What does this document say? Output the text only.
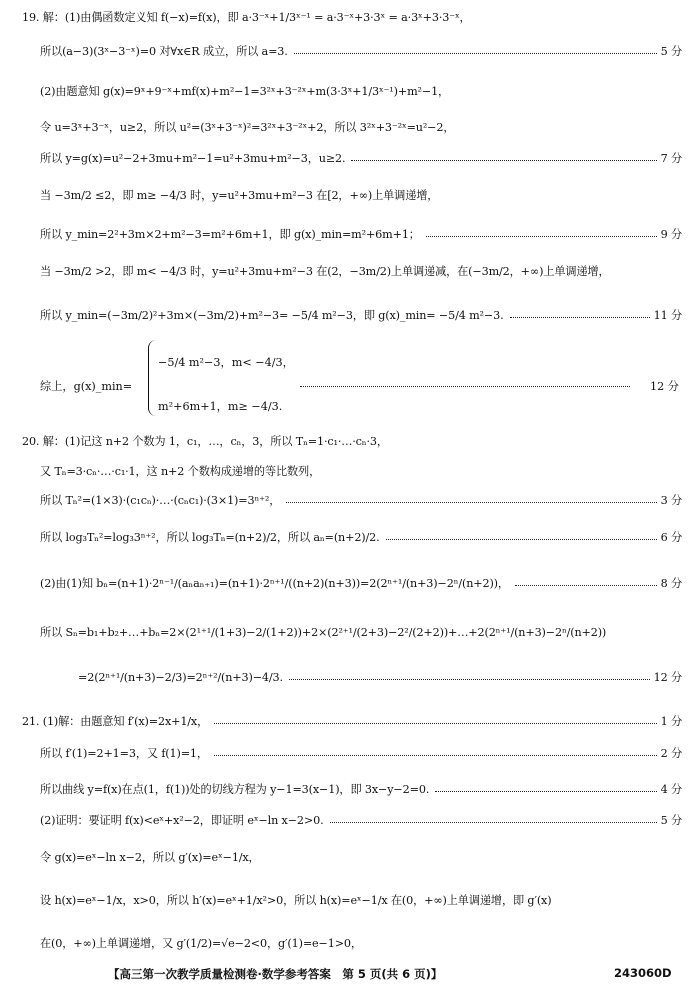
19. 解：(1)由偶函数定义知 f(−x)=f(x)，即 a·3⁻ˣ+1/3ˣ⁻¹ = a·3⁻ˣ+3·3ˣ = a·3ˣ+3·3⁻ˣ，
所以(a−3)(3ˣ−3⁻ˣ)=0 对∀x∈R 成立，所以 a=3.	5 分
(2)由题意知 g(x)=9ˣ+9⁻ˣ+mf(x)+m²−1=3²ˣ+3⁻²ˣ+m(3·3ˣ+1/3ˣ⁻¹)+m²−1，
令 u=3ˣ+3⁻ˣ，u≥2，所以 u²=(3ˣ+3⁻ˣ)²=3²ˣ+3⁻²ˣ+2，所以 3²ˣ+3⁻²ˣ=u²−2，
所以 y=g(x)=u²−2+3mu+m²−1=u²+3mu+m²−3，u≥2.	7 分
当 −3m/2 ≤2，即 m≥ −4/3 时，y=u²+3mu+m²−3 在[2，+∞)上单调递增，
所以 y_min=2²+3m×2+m²−3=m²+6m+1，即 g(x)_min=m²+6m+1；	9 分
当 −3m/2 >2，即 m< −4/3 时，y=u²+3mu+m²−3 在(2，−3m/2)上单调递减，在(−3m/2，+∞)上单调递增，
所以 y_min=(−3m/2)²+3m×(−3m/2)+m²−3= −5/4 m²−3，即 g(x)_min= −5/4 m²−3.	11 分
综上，g(x)_min=
−5/4 m²−3，m< −4/3，
m²+6m+1，m≥ −4/3.
12 分
20. 解：(1)记这 n+2 个数为 1，c₁，…，cₙ，3，所以 Tₙ=1·c₁·…·cₙ·3，
又 Tₙ=3·cₙ·…·c₁·1，这 n+2 个数构成递增的等比数列，
所以 Tₙ²=(1×3)·(c₁cₙ)·…·(cₙc₁)·(3×1)=3ⁿ⁺²，	3 分
所以 log₃Tₙ²=log₃3ⁿ⁺²，所以 log₃Tₙ=(n+2)/2，所以 aₙ=(n+2)/2.	6 分
(2)由(1)知 bₙ=(n+1)·2ⁿ⁻¹/(aₙaₙ₊₁)=(n+1)·2ⁿ⁺¹/((n+2)(n+3))=2(2ⁿ⁺¹/(n+3)−2ⁿ/(n+2))，	8 分
所以 Sₙ=b₁+b₂+…+bₙ=2×(2¹⁺¹/(1+3)−2/(1+2))+2×(2²⁺¹/(2+3)−2²/(2+2))+…+2(2ⁿ⁺¹/(n+3)−2ⁿ/(n+2))
=2(2ⁿ⁺¹/(n+3)−2/3)=2ⁿ⁺²/(n+3)−4/3.	12 分
21. (1)解：由题意知 f′(x)=2x+1/x，	1 分
所以 f′(1)=2+1=3，又 f(1)=1，	2 分
所以曲线 y=f(x)在点(1，f(1))处的切线方程为 y−1=3(x−1)，即 3x−y−2=0.	4 分
(2)证明：要证明 f(x)<eˣ+x²−2，即证明 eˣ−ln x−2>0.	5 分
令 g(x)=eˣ−ln x−2，所以 g′(x)=eˣ−1/x，
设 h(x)=eˣ−1/x，x>0，所以 h′(x)=eˣ+1/x²>0，所以 h(x)=eˣ−1/x 在(0，+∞)上单调递增，即 g′(x)
在(0，+∞)上单调递增，又 g′(1/2)=√e−2<0，g′(1)=e−1>0，
【高三第一次教学质量检测卷·数学参考答案　第 5 页(共 6 页)】	243060D
